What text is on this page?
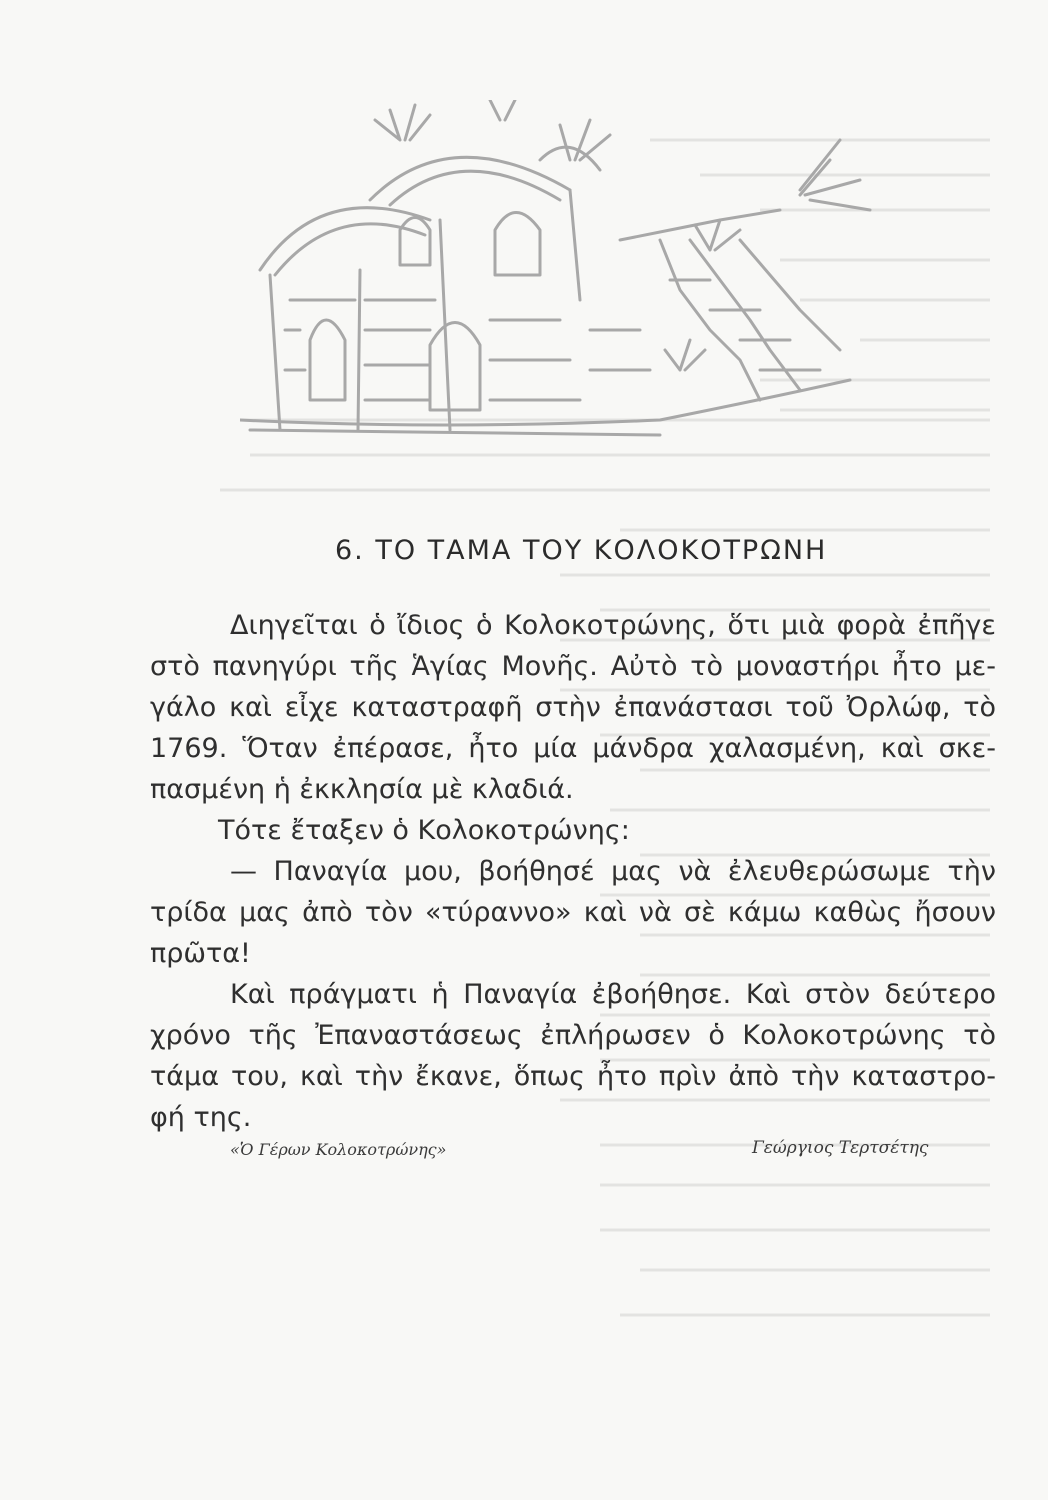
6. ΤΟ ΤΑΜΑ ΤΟΥ ΚΟΛΟΚΟΤΡΩΝΗ
Διηγεῖται ὁ ἴδιος ὁ Κολοκοτρώνης, ὅτι μιὰ φορὰ ἐπῆγε
στὸ πανηγύρι τῆς Ἁγίας Μονῆς. Αὐτὸ τὸ μοναστήρι ἦτο με-
γάλο καὶ εἶχε καταστραφῆ στὴν ἐπανάστασι τοῦ Ὀρλώφ, τὸ
1769. Ὅταν ἐπέρασε, ἦτο μία μάνδρα χαλασμένη, καὶ σκε-
πασμένη ἡ ἐκκλησία μὲ κλαδιά.
Τότε ἔταξεν ὁ Κολοκοτρώνης:
— Παναγία μου, βοήθησέ μας νὰ ἐλευθερώσωμε τὴν
τρίδα μας ἀπὸ τὸν «τύραννο» καὶ νὰ σὲ κάμω καθὼς ἤσουν
πρῶτα!
Καὶ πράγματι ἡ Παναγία ἐβοήθησε. Καὶ στὸν δεύτερο
χρόνο τῆς Ἐπαναστάσεως ἐπλήρωσεν ὁ Κολοκοτρώνης τὸ
τάμα του, καὶ τὴν ἔκανε, ὅπως ἦτο πρὶν ἀπὸ τὴν καταστρο-
φή της.
«Ὁ Γέρων Κολοκοτρώνης»	Γεώργιος Τερτσέτης
